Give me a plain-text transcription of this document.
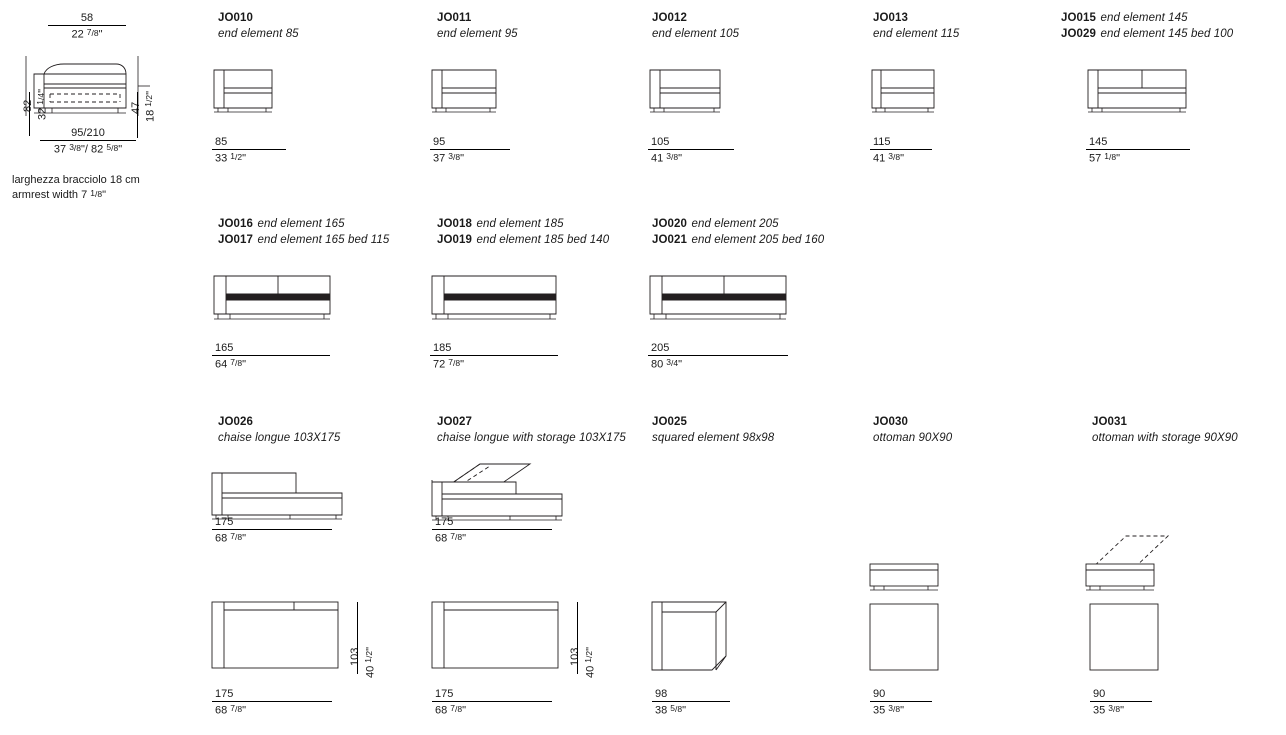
58
22 $^7$/8"
82 32 $^1$/4"
47 18 $^1$/2"
95/210
37 $^3$/8"/ 82 $^5$/8"
larghezza bracciolo 18 cm
armrest width 7 $^1$/8"
JO010
end element 85
85
33 $^1$/2"
JO011
end element 95
95
37 $^3$/8"
JO012
end element 105
105
41 $^3$/8"
JO013
end element 115
115
41 $^3$/8"
JO015 end element 145
JO029 end element 145 bed 100
145
57 $^1$/8"
JO016 end element 165
JO017 end element 165 bed 115
165
64 $^7$/8"
JO018 end element 185
JO019 end element 185 bed 140
185
72 $^7$/8"
JO020 end element 205
JO021 end element 205 bed 160
205
80 $^3$/4"
JO026
chaise longue 103X175
175
68 $^7$/8"
175
68 $^7$/8"
103
40 $^1$/2"
JO027
chaise longue with storage 103X175
175
68 $^7$/8"
175
68 $^7$/8"
103
40 $^1$/2"
JO025
squared element 98x98
98
38 $^5$/8"
JO030
ottoman 90X90
90
35 $^3$/8"
JO031
ottoman with storage 90X90
90
35 $^3$/8"
